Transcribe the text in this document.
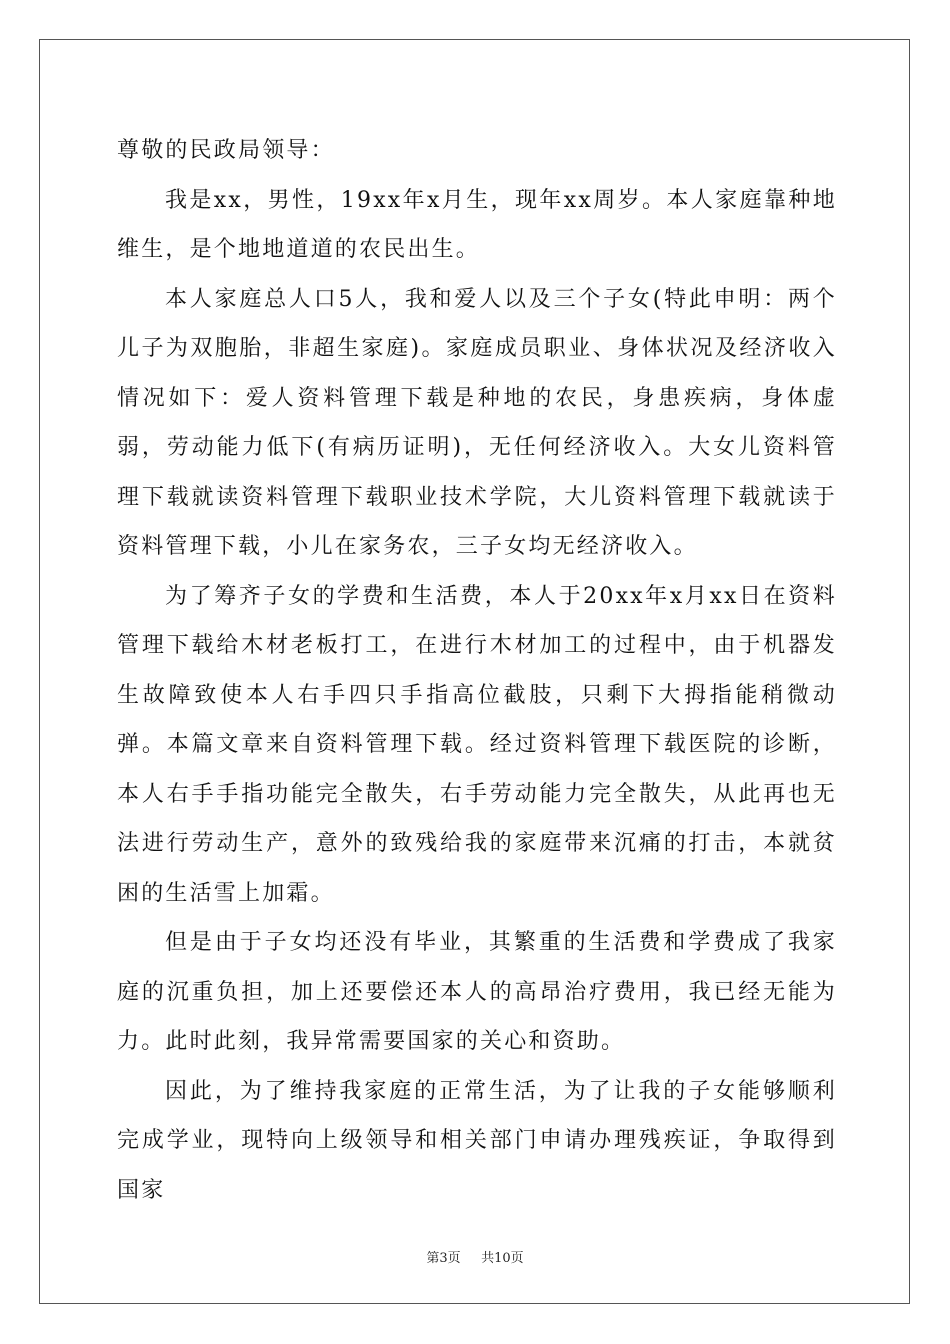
尊敬的民政局领导：

我是xx，男性，19xx年x月生，现年xx周岁。本人家庭靠种地维生，是个地地道道的农民出生。

本人家庭总人口5人，我和爱人以及三个子女(特此申明：两个儿子为双胞胎，非超生家庭)。家庭成员职业、身体状况及经济收入情况如下：爱人资料管理下载是种地的农民，身患疾病，身体虚弱，劳动能力低下(有病历证明)，无任何经济收入。大女儿资料管理下载就读资料管理下载职业技术学院，大儿资料管理下载就读于资料管理下载，小儿在家务农，三子女均无经济收入。

为了筹齐子女的学费和生活费，本人于20xx年x月xx日在资料管理下载给木材老板打工，在进行木材加工的过程中，由于机器发生故障致使本人右手四只手指高位截肢，只剩下大拇指能稍微动弹。本篇文章来自资料管理下载。经过资料管理下载医院的诊断，本人右手手指功能完全散失，右手劳动能力完全散失，从此再也无法进行劳动生产，意外的致残给我的家庭带来沉痛的打击，本就贫困的生活雪上加霜。

但是由于子女均还没有毕业，其繁重的生活费和学费成了我家庭的沉重负担，加上还要偿还本人的高昂治疗费用，我已经无能为力。此时此刻，我异常需要国家的关心和资助。

因此，为了维持我家庭的正常生活，为了让我的子女能够顺利完成学业，现特向上级领导和相关部门申请办理残疾证，争取得到国家

第3页 共10页
